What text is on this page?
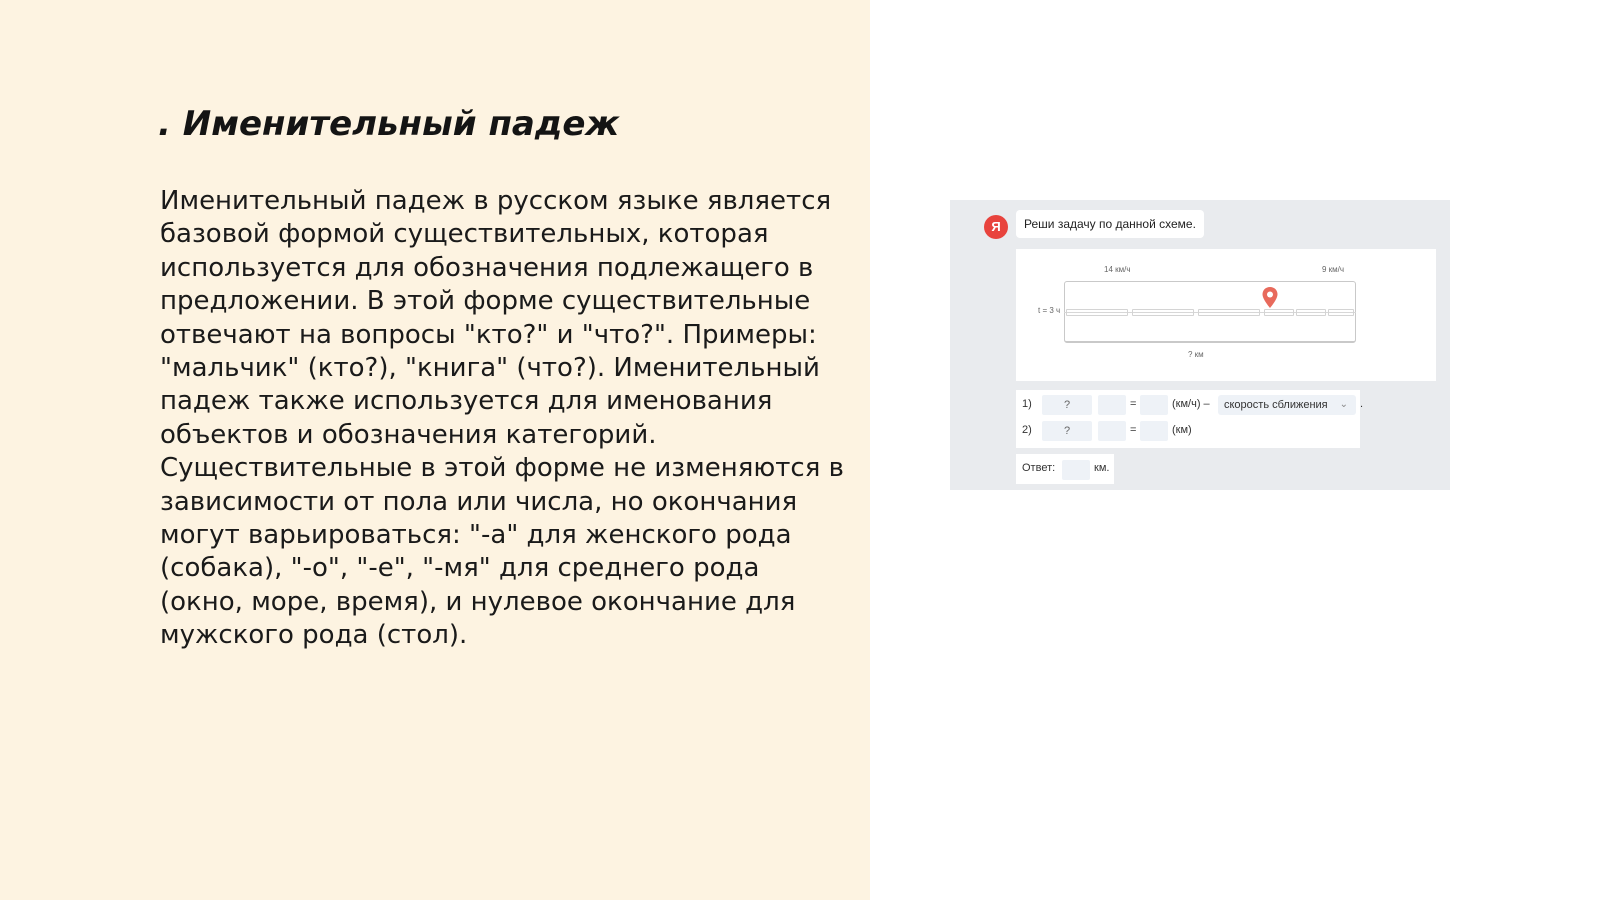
. Именительный падеж

Именительный падеж в русском языке является базовой формой существительных, которая используется для обозначения подлежащего в предложении. В этой форме существительные отвечают на вопросы "кто?" и "что?". Примеры: "мальчик" (кто?), "книга" (что?). Именительный падеж также используется для именования объектов и обозначения категорий. Существительные в этой форме не изменяются в зависимости от пола или числа, но окончания могут варьироваться: "-а" для женского рода (собака), "-о", "-е", "-мя" для среднего рода (окно, море, время), и нулевое окончание для мужского рода (стол).

Я	Реши задачу по данной схеме.
14 км/ч	9 км/ч
t = 3 ч
? км
1)	?	=	(км/ч) –	скорость сближения ⌄ .
2)	?	=	(км)
Ответ:	км.
